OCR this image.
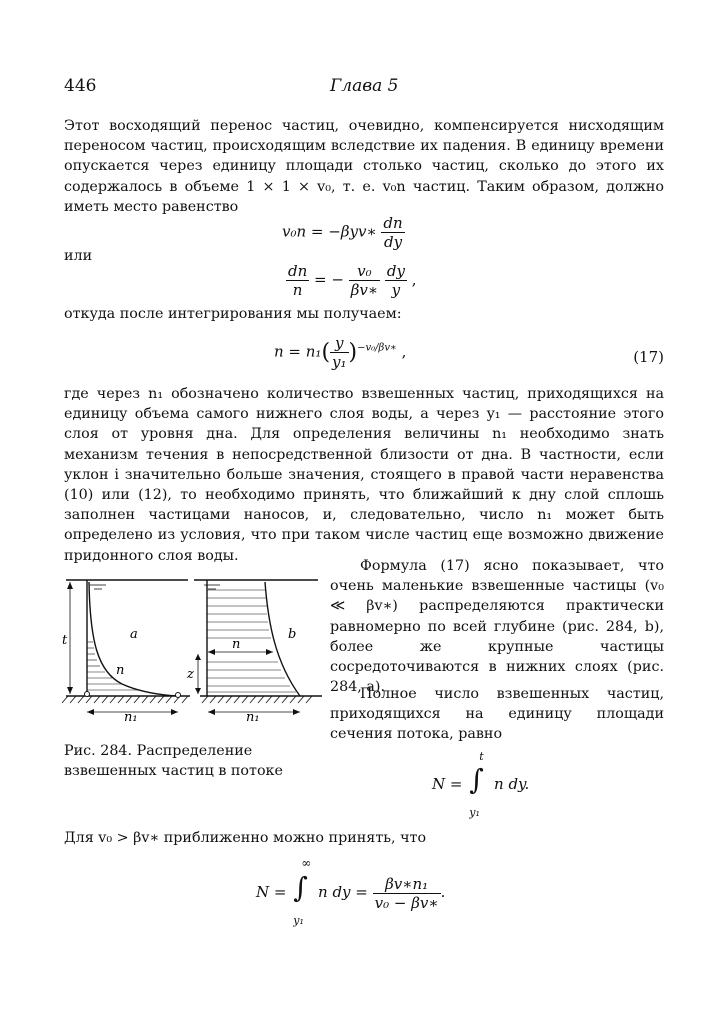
446	Глава 5

Этот восходящий перенос частиц, очевидно, компенсируется нисходящим переносом частиц, происходящим вследствие их падения. В единицу времени опускается через единицу площади столько частиц, сколько до этого их содержалось в объеме 1 × 1 × v₀, т. е. v₀n частиц. Таким образом, должно иметь место равенство

v₀n = −βyv∗ $\frac{dn}{dy}$
или
$\frac{dn}{n}$ = − $\frac{\text{v₀}}{\beta v∗}$
$\frac{dy}{y}$ ,

откуда после интегрирования мы получаем:

$n = n_1( \frac{y}{\text{y₁}} )^{-v_0/\beta v∗}$ ,	(17)

где через n₁ обозначено количество взвешенных частиц, приходящихся на единицу объема самого нижнего слоя воды, а через y₁ — расстояние этого слоя от уровня дна. Для определения величины n₁ необходимо знать механизм течения в непосредственной близости от дна. В частности, если уклон i значительно больше значения, стоящего в правой части неравенства (10) или (12), то необходимо принять, что ближайший к дну слой сплошь заполнен частицами наносов, и, следовательно, число n₁ может быть определено из условия, что при таком числе частиц еще возможно движение придонного слоя воды.

t	a
n
n₁
n
b
z
n₁

Рис. 284. Распределение взвешенных частиц в потоке

Формула (17) ясно показывает, что очень маленькие взвешенные частицы (v₀ ≪ βv∗) распределяются практически равномерно по всей глубине (рис. 284, b), более же крупные частицы сосредоточиваются в нижних слоях (рис. 284, a).

Полное число взвешенных частиц, приходящихся на единицу площади сечения потока, равно

N =
t
∫
y₁
n dy.

Для v₀ > βv∗ приближенно можно принять, что

N =
∞
∫
y₁
n dy = $\frac{\text{βv∗n₁}}{\text{v₀ − βv∗}}$ .
